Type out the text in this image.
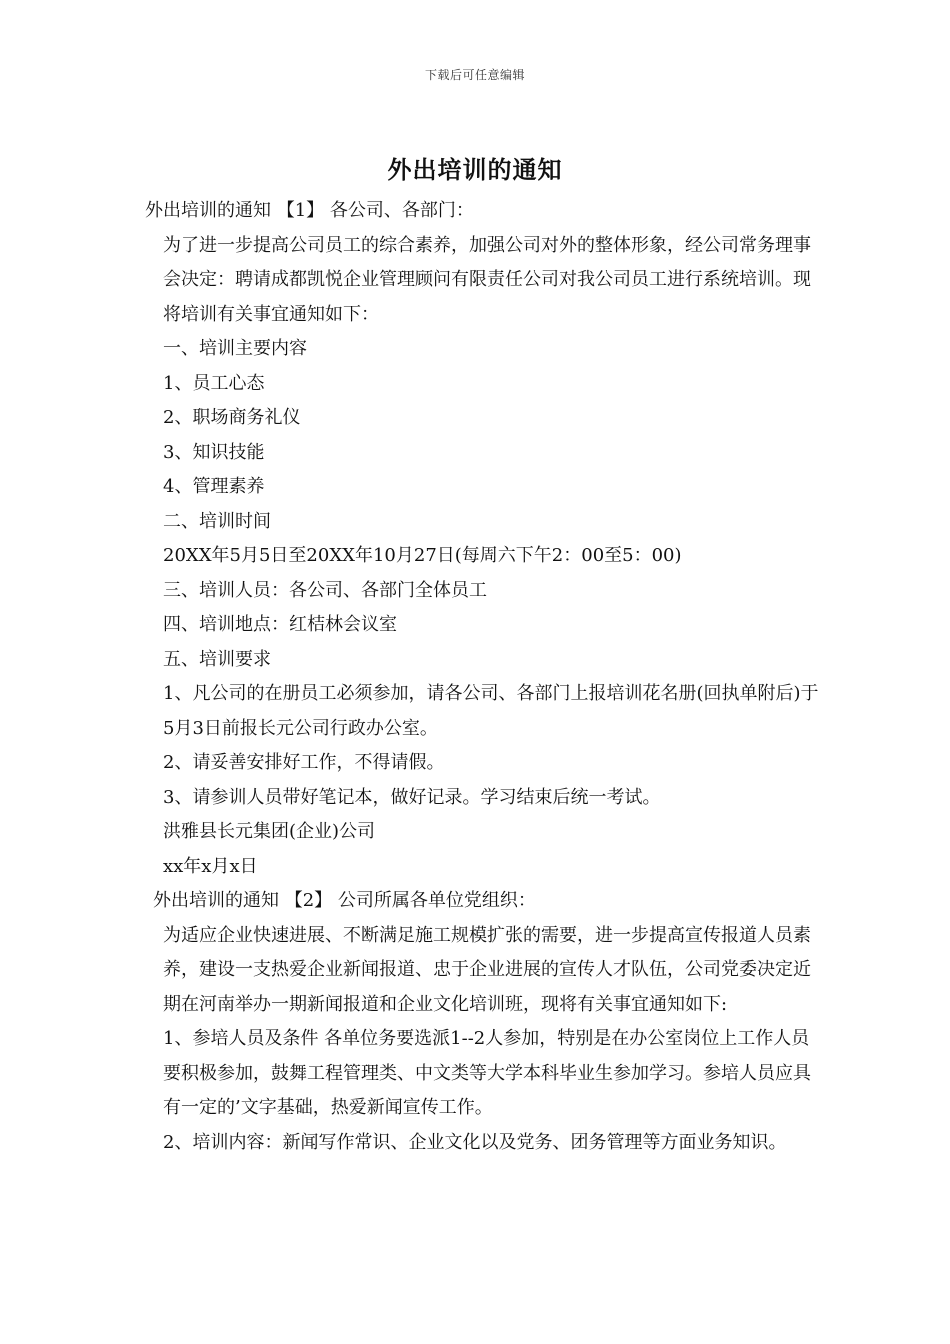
下载后可任意编辑
外出培训的通知

外出培训的通知 【1】 各公司、各部门：

为了进一步提高公司员工的综合素养，加强公司对外的整体形象，经公司常务理事会决定：聘请成都凯悦企业管理顾问有限责任公司对我公司员工进行系统培训。现将培训有关事宜通知如下：

一、培训主要内容

1、员工心态

2、职场商务礼仪

3、知识技能

4、管理素养

二、培训时间

20XX年5月5日至20XX年10月27日(每周六下午2：00至5：00)

三、培训人员：各公司、各部门全体员工

四、培训地点：红桔林会议室

五、培训要求

1、凡公司的在册员工必须参加，请各公司、各部门上报培训花名册(回执单附后)于5月3日前报长元公司行政办公室。

2、请妥善安排好工作，不得请假。

3、请参训人员带好笔记本，做好记录。学习结束后统一考试。

洪雅县长元集团(企业)公司

xx年x月x日

外出培训的通知 【2】 公司所属各单位党组织：

为适应企业快速进展、不断满足施工规模扩张的需要，进一步提高宣传报道人员素养，建设一支热爱企业新闻报道、忠于企业进展的宣传人才队伍，公司党委决定近期在河南举办一期新闻报道和企业文化培训班，现将有关事宜通知如下:

1、参培人员及条件 各单位务要选派1--2人参加，特别是在办公室岗位上工作人员要积极参加，鼓舞工程管理类、中文类等大学本科毕业生参加学习。参培人员应具有一定的’文字基础，热爱新闻宣传工作。

2、培训内容：新闻写作常识、企业文化以及党务、团务管理等方面业务知识。
